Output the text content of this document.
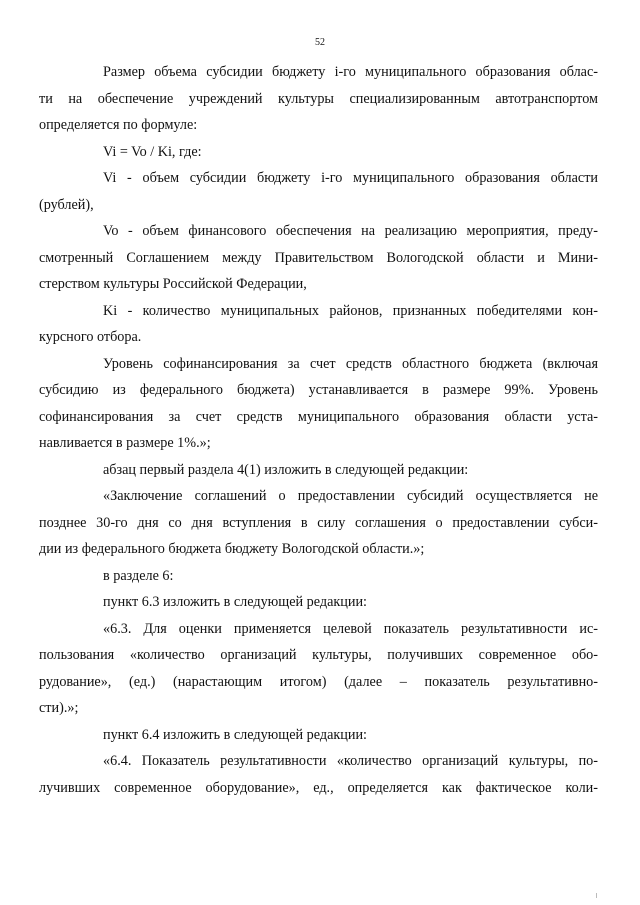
52

Размер объема субсидии бюджету i-го муниципального образования облас-
ти на обеспечение учреждений культуры специализированным автотранспортом
определяется по формуле:

Vi = Vo / Ki, где:

Vi - объем субсидии бюджету i-го муниципального образования области
(рублей),

Vo - объем финансового обеспечения на реализацию мероприятия, преду-
смотренный Соглашением между Правительством Вологодской области и Мини-
стерством культуры Российской Федерации,

Ki - количество муниципальных районов, признанных победителями кон-
курсного отбора.

Уровень софинансирования за счет средств областного бюджета (включая
субсидию из федерального бюджета) устанавливается в размере 99%. Уровень
софинансирования за счет средств муниципального образования области уста-
навливается в размере 1%.»;

абзац первый раздела 4(1) изложить в следующей редакции:

«Заключение соглашений о предоставлении субсидий осуществляется не
позднее 30-го дня со дня вступления в силу соглашения о предоставлении субси-
дии из федерального бюджета бюджету Вологодской области.»;

в разделе 6:

пункт 6.3 изложить в следующей редакции:

«6.3. Для оценки применяется целевой показатель результативности ис-
пользования «количество организаций культуры, получивших современное обо-
рудование», (ед.) (нарастающим итогом) (далее – показатель результативно-
сти).»;

пункт 6.4 изложить в следующей редакции:

«6.4. Показатель результативности «количество организаций культуры, по-
лучивших современное оборудование», ед., определяется как фактическое коли-
